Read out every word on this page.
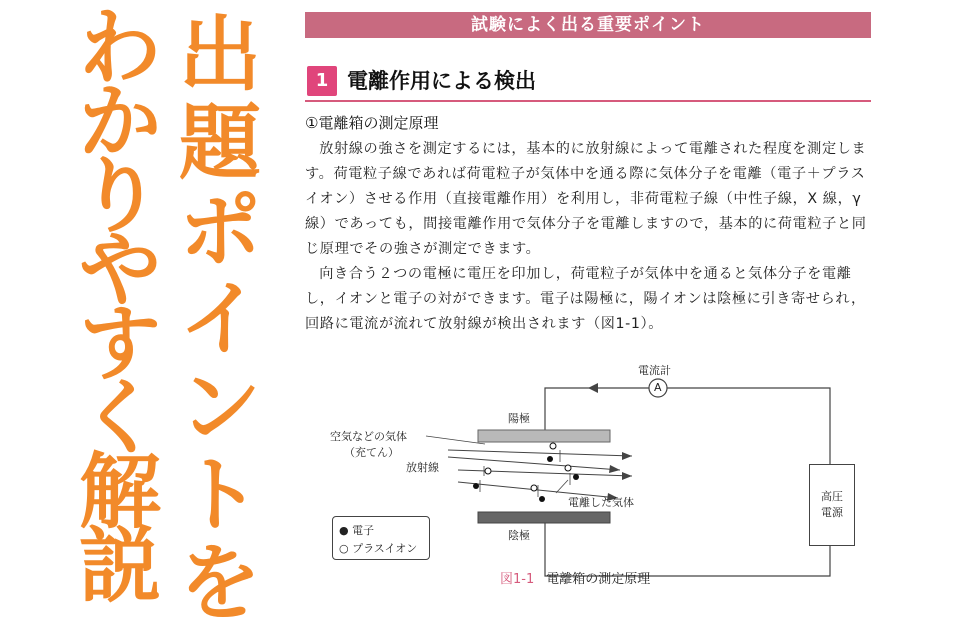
出
題
ポ
イ
ン
ト
を
わ
か
り
や
す
く
解
説
試験によく出る重要ポイント
1 電離作用による検出
①電離箱の測定原理

放射線の強さを測定するには，基本的に放射線によって電離された程度を測定します。荷電粒子線であれば荷電粒子が気体中を通る際に気体分子を電離（電子＋プラスイオン）させる作用（直接電離作用）を利用し，非荷電粒子線（中性子線，X 線，γ 線）であっても，間接電離作用で気体分子を電離しますので，基本的に荷電粒子と同じ原理でその強さが測定できます。

向き合う２つの電極に電圧を印加し，荷電粒子が気体中を通ると気体分子を電離し，イオンと電子の対ができます。電子は陽極に，陽イオンは陰極に引き寄せられ，回路に電流が流れて放射線が検出されます（図1-1）。

電流計
A
陽極
陰極
空気などの気体
（充てん）
放射線
電離した気体	高圧
電源
● 電子
○ プラスイオン
図1-1 電離箱の測定原理
